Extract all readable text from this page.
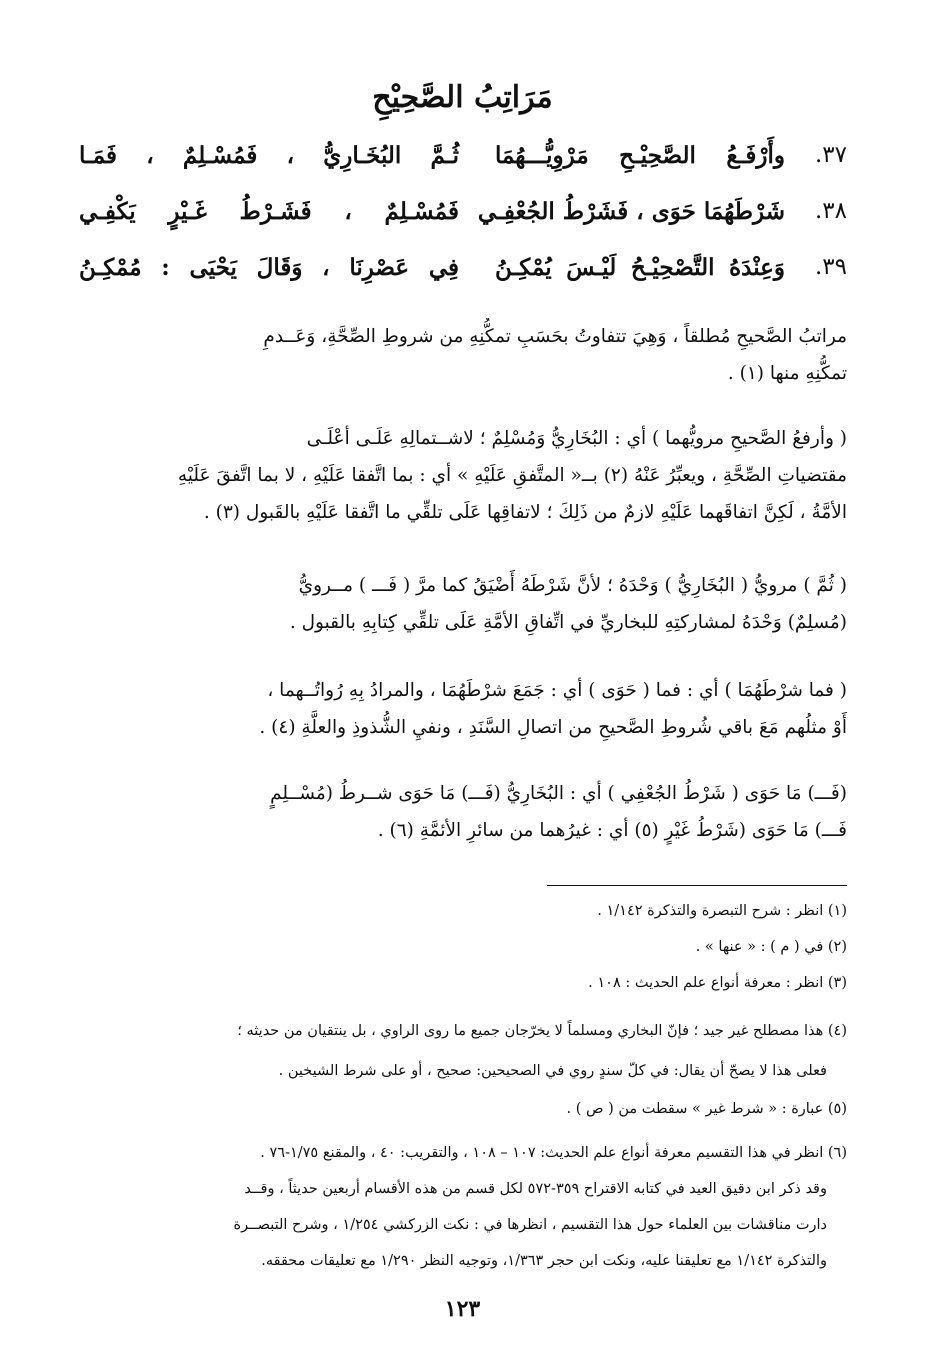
مَرَاتِبُ الصَّحِيْحِ
٣٧.
وأَرْفَـعُ الصَّحِيْـحِ مَرْوِيُّـــهُمَا
ثُـمَّ البُخَـارِيُّ ، فَمُسْـلِمٌ ، فَمَـا
٣٨.
شَرْطَهُمَا حَوَى ، فَشَرْطُ الجُعْفِـي
فَمُسْـلِمٌ ، فَشَـرْطُ غَـيْرٍ يَكْفِـي
٣٩.
وَعِنْدَهُ التَّصْحِيْـحُ لَيْـسَ يُمْكِـنُ
فِي عَصْرِنَا ، وَقَالَ يَحْيَى : مُمْكِـنُ
مراتبُ الصَّحيحِ مُطلقاً ، وَهِيَ تتفاوتُ بحَسَبِ تمكُّنِهِ من شروطِ الصِّحَّةِ، وَعَــدمِ
تمكُّنِهِ منها (١) .
( وأرفعُ الصَّحيحِ مرويُّهما ) أي : البُخَارِيُّ وَمُسْلِمٌ ؛ لاشــتمالِهِ عَلَـى أعْلَـى
مقتضياتِ الصِّحَّةِ ، ويعبِّرُ عَنْهُ (٢) بــ« المتَّفقِ عَلَيْهِ » أي : بما اتَّفقا عَلَيْهِ ، لا بما اتَّفقَ عَلَيْهِ
الأمَّةُ ، لَكِنَّ اتفاقَهما عَلَيْهِ لازمٌ من ذَلِكَ ؛ لاتفاقِها عَلَى تلقِّي ما اتَّفقا عَلَيْهِ بالقَبول (٣) .
( ثُمَّ ) مرويُّ ( البُخَارِيُّ ) وَحْدَهُ ؛ لأنَّ شَرْطَهُ أَضْيَقُ كما مرَّ ( فَـــ ) مــرويُّ
(مُسلِمٌ) وَحْدَهُ لمشاركتِهِ للبخاريِّ في اتِّفاقِ الأمَّةِ عَلَى تلقِّي كِتابِهِ بالقبول .
( فما شرْطَهُمَا ) أي : فما ( حَوَى ) أي : جَمَعَ شرْطَهُمَا ، والمرادُ بِهِ رُواتُــهما ،
أَوْ مثلُهم مَعَ باقي شُروطِ الصَّحيحِ من اتصالِ السَّنَدِ ، ونفيِ الشُّذوذِ والعلَّةِ (٤) .
(فَـــ) مَا حَوَى ( شَرْطُ الجُعْفِي ) أي : البُخَارِيُّ (فَـــ) مَا حَوَى شــرطُ (مُسْــلِمٍ
فَـــ) مَا حَوَى (شَرْطُ غَيْرٍ (٥) أي : غيرُهما من سائرِ الأئمَّةِ (٦) .
(١) انظر : شرح التبصرة والتذكرة ١/١٤٢ .
(٢) في ( م ) : « عنها » .
(٣) انظر : معرفة أنواع علم الحديث : ١٠٨ .
(٤) هذا مصطلح غير جيد ؛ فإنّ البخاري ومسلماً لا يخرّجان جميع ما روى الراوي ، بل ينتقيان من حديثه ؛
فعلى هذا لا يصحّ أن يقال: في كلّ سندٍ روي في الصحيحين: صحيح ، أو على شرط الشيخين .
(٥) عبارة : « شرط غير » سقطت من ( ص ) .
(٦) انظر في هذا التقسيم معرفة أنواع علم الحديث: ١٠٧ – ١٠٨ ، والتقريب: ٤٠ ، والمقنع ١/٧٥-٧٦ .
وقد ذكر ابن دقيق العيد في كتابه الاقتراح ٣٥٩-٥٧٢ لكل قسم من هذه الأقسام أربعين حديثاً ، وقــد
دارت مناقشات بين العلماء حول هذا التقسيم ، انظرها في : نكت الزركشي ١/٢٥٤ ، وشرح التبصــرة
والتذكرة ١/١٤٢ مع تعليقنا عليه، ونكت ابن حجر ١/٣٦٣، وتوجيه النظر ١/٢٩٠ مع تعليقات محققه.
١٢٣
